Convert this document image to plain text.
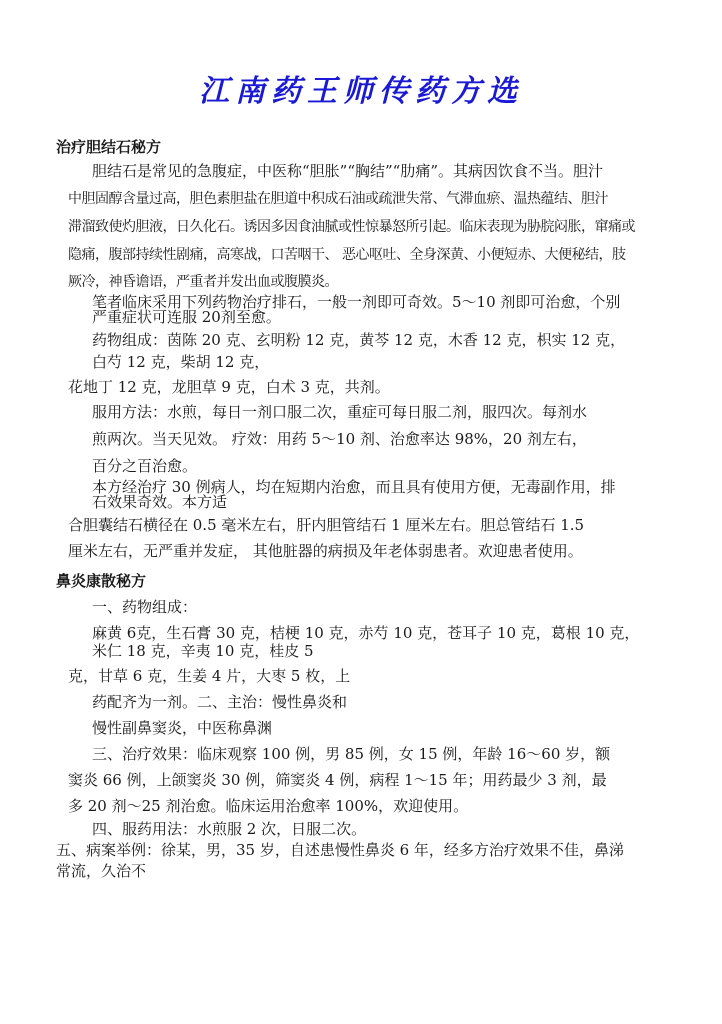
江南药王师传药方选
治疗胆结石秘方
胆结石是常见的急腹症，中医称“胆胀”“胸结”“肋痛”。其病因饮食不当。胆汁
中胆固醇含量过高，胆色素胆盐在胆道中积成石油或疏泄失常、气滞血瘀、温热蕴结、胆汁
滞溜致使灼胆液，日久化石。诱因多因食油腻或性惊暴怒所引起。临床表现为胁脘闷胀，窜痛或
隐痛，腹部持续性剧痛，高寒战，口苦咽干、 恶心呕吐、全身深黄、小便短赤、大便秘结，肢
厥冷，神昏谵语，严重者并发出血或腹膜炎。
笔者临床采用下列药物治疗排石，一般一剂即可奇效。5～10 剂即可治愈，个别
严重症状可连服 20剂至愈。
药物组成：茵陈 20 克、玄明粉 12 克，黄芩 12 克，木香 12 克，枳实 12 克，
白芍 12 克，柴胡 12 克，
花地丁 12 克，龙胆草 9 克，白术 3 克，共剂。
服用方法：水煎，每日一剂口服二次，重症可每日服二剂，服四次。每剂水
煎两次。当天见效。 疗效：用药 5～10 剂、治愈率达 98%，20 剂左右，
百分之百治愈。
本方经治疗 30 例病人，均在短期内治愈，而且具有使用方便，无毒副作用，排
石效果奇效。本方适
合胆囊结石横径在 0.5 毫米左右，肝内胆管结石 1 厘米左右。胆总管结石 1.5
厘米左右，无严重并发症， 其他脏器的病损及年老体弱患者。欢迎患者使用。
鼻炎康散秘方
一、药物组成：
麻黄 6克，生石膏 30 克，桔梗 10 克，赤芍 10 克，苍耳子 10 克，葛根 10 克，
米仁 18 克，辛夷 10 克，桂皮 5
克，甘草 6 克，生姜 4 片，大枣 5 枚，上
药配齐为一剂。二、主治：慢性鼻炎和
慢性副鼻窦炎，中医称鼻渊
三、治疗效果：临床观察 100 例，男 85 例，女 15 例，年龄 16～60 岁，额
窦炎 66 例，上颌窦炎 30 例，筛窦炎 4 例，病程 1～15 年；用药最少 3 剂，最
多 20 剂～25 剂治愈。临床运用治愈率 100%，欢迎使用。
四、服药用法：水煎服 2 次，日服二次。
五、病案举例：徐某，男，35 岁，自述患慢性鼻炎 6 年，经多方治疗效果不佳，鼻涕
常流，久治不
